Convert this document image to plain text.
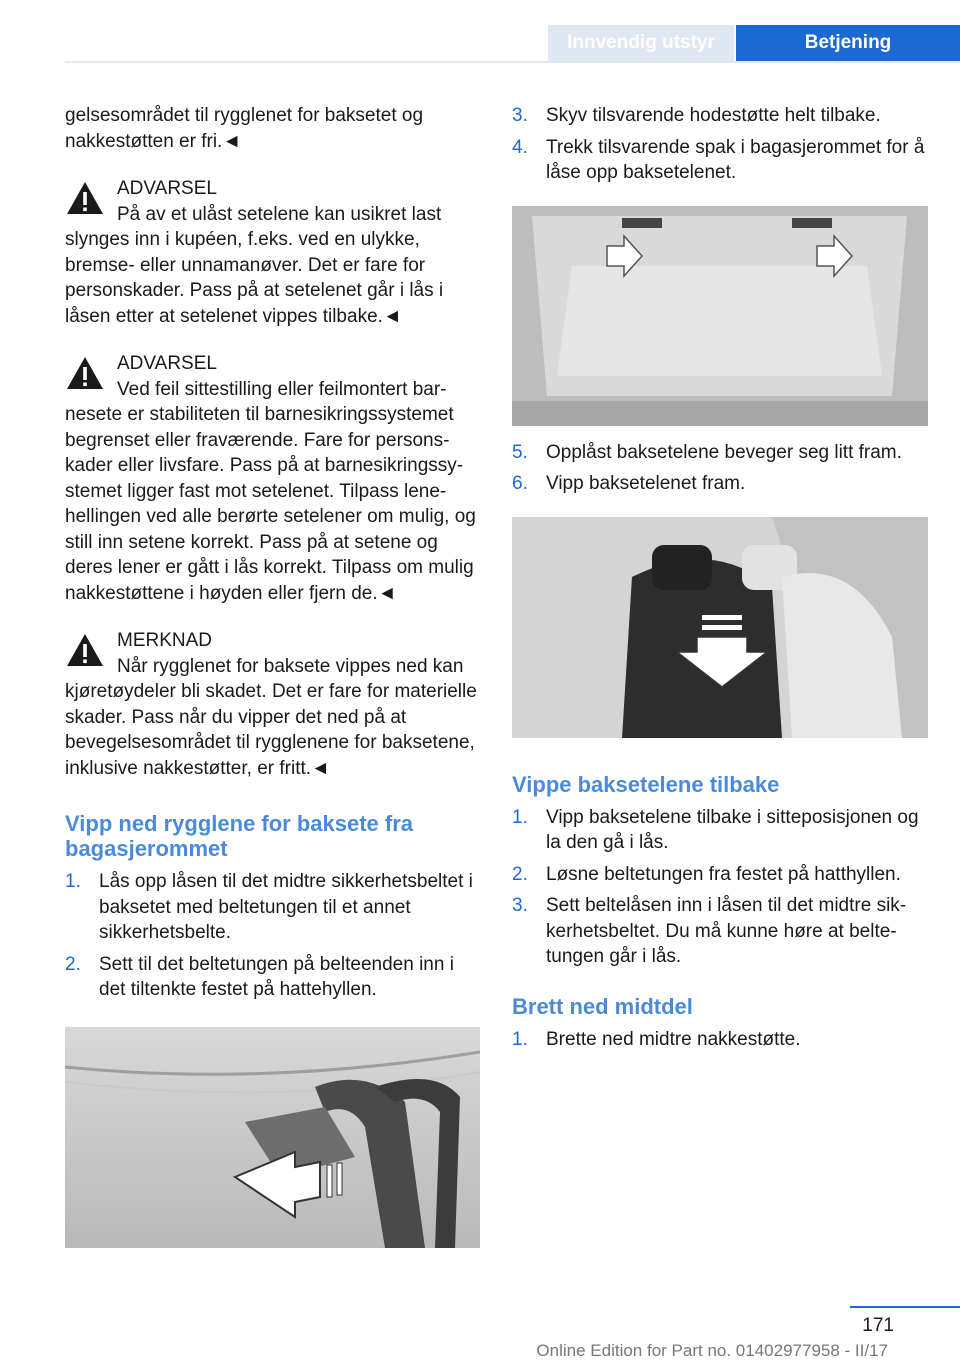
Innvendig utstyr	Betjening

gelsesområdet til rygglenet for baksetet og nakkestøtten er fri.◄

ADVARSEL

På av et ulåst setelene kan usikret last slynges inn i kupéen, f.eks. ved en ulykke, bremse- eller unnamanøver. Det er fare for personskader. Pass på at setelenet går i lås i låsen etter at setelenet vippes tilbake.◄

ADVARSEL

Ved feil sittestilling eller feilmontert barnesete er stabiliteten til barnesikringssystemet begrenset eller fraværende. Fare for personskader eller livsfare. Pass på at barnesikringssystemet ligger fast mot setelenet. Tilpass lenehellingen ved alle berørte setelener om mulig, og still inn setene korrekt. Pass på at setene og deres lener er gått i lås korrekt. Tilpass om mulig nakkestøttene i høyden eller fjern de.◄

MERKNAD

Når rygglenet for baksete vippes ned kan kjøretøydeler bli skadet. Det er fare for materielle skader. Pass når du vipper det ned på at bevegelsesområdet til rygglenene for baksetene, inklusive nakkestøtter, er fritt.◄

Vipp ned rygglene for baksete fra bagasjerommet
1. Lås opp låsen til det midtre sikkerhetsbeltet i baksetet med beltetungen til et annet sikkerhetsbelte.
2. Sett til det beltetungen på belteenden inn i det tiltenkte festet på hattehyllen.
3. Skyv tilsvarende hodestøtte helt tilbake.
4. Trekk tilsvarende spak i bagasjerommet for å låse opp baksetelenet.
5. Opplåst baksetelene beveger seg litt fram.
6. Vipp baksetelenet fram.
Vippe baksetelene tilbake
1. Vipp baksetelene tilbake i sitteposisjonen og la den gå i lås.
2. Løsne beltetungen fra festet på hatthyllen.
3. Sett beltelåsen inn i låsen til det midtre sikkerhetsbeltet. Du må kunne høre at beltetungen går i lås.
Brett ned midtdel
1. Brette ned midtre nakkestøtte.
171
Online Edition for Part no. 01402977958 - II/17
